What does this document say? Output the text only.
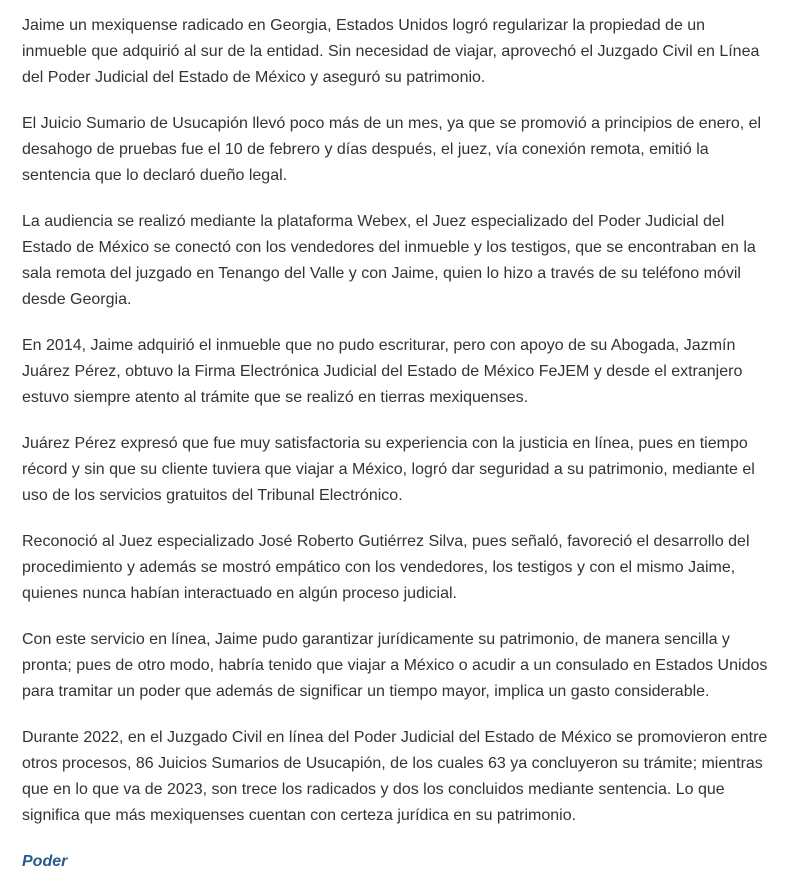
Jaime un mexiquense radicado en Georgia, Estados Unidos logró regularizar la propiedad de un inmueble que adquirió al sur de la entidad. Sin necesidad de viajar, aprovechó el Juzgado Civil en Línea del Poder Judicial del Estado de México y aseguró su patrimonio.

El Juicio Sumario de Usucapión llevó poco más de un mes, ya que se promovió a principios de enero, el desahogo de pruebas fue el 10 de febrero y días después, el juez, vía conexión remota, emitió la sentencia que lo declaró dueño legal.

La audiencia se realizó mediante la plataforma Webex, el Juez especializado del Poder Judicial del Estado de México se conectó con los vendedores del inmueble y los testigos, que se encontraban en la sala remota del juzgado en Tenango del Valle y con Jaime, quien lo hizo a través de su teléfono móvil desde Georgia.

En 2014, Jaime adquirió el inmueble que no pudo escriturar, pero con apoyo de su Abogada, Jazmín Juárez Pérez, obtuvo la Firma Electrónica Judicial del Estado de México FeJEM y desde el extranjero estuvo siempre atento al trámite que se realizó en tierras mexiquenses.

Juárez Pérez expresó que fue muy satisfactoria su experiencia con la justicia en línea, pues en tiempo récord y sin que su cliente tuviera que viajar a México, logró dar seguridad a su patrimonio, mediante el uso de los servicios gratuitos del Tribunal Electrónico.

Reconoció al Juez especializado José Roberto Gutiérrez Silva, pues señaló, favoreció el desarrollo del procedimiento y además se mostró empático con los vendedores, los testigos y con el mismo Jaime, quienes nunca habían interactuado en algún proceso judicial.

Con este servicio en línea, Jaime pudo garantizar jurídicamente su patrimonio, de manera sencilla y pronta; pues de otro modo, habría tenido que viajar a México o acudir a un consulado en Estados Unidos para tramitar un poder que además de significar un tiempo mayor, implica un gasto considerable.

Durante 2022, en el Juzgado Civil en línea del Poder Judicial del Estado de México se promovieron entre otros procesos, 86 Juicios Sumarios de Usucapión, de los cuales 63 ya concluyeron su trámite; mientras que en lo que va de 2023, son trece los radicados y dos los concluidos mediante sentencia. Lo que significa que más mexiquenses cuentan con certeza jurídica en su patrimonio.

Poder
